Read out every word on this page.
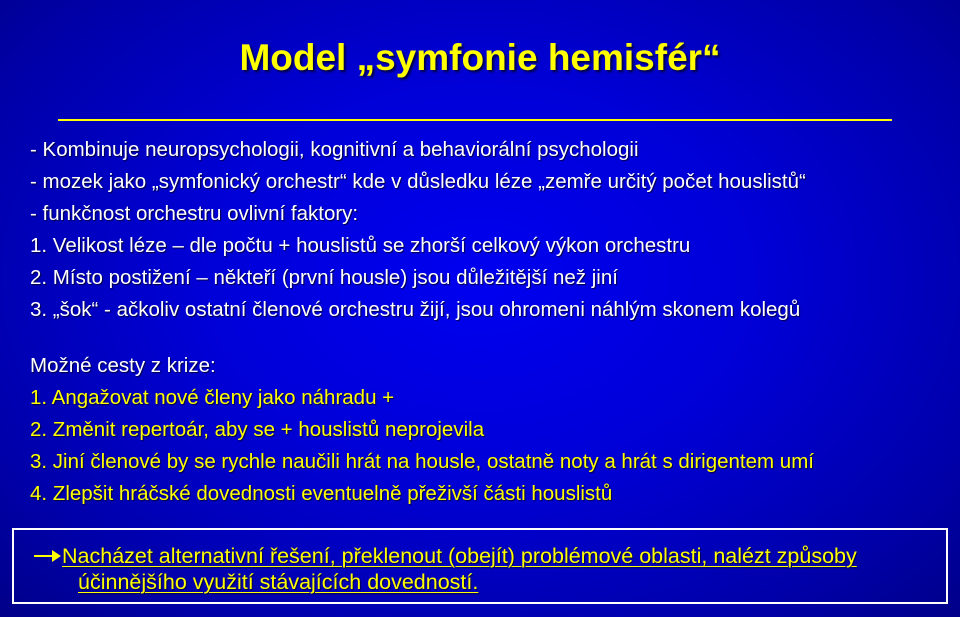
Model „symfonie hemisfér“
- Kombinuje neuropsychologii, kognitivní a behaviorální psychologii
- mozek jako „symfonický orchestr“ kde v důsledku léze „zemře určitý počet houslistů“
- funkčnost orchestru ovlivní faktory:
1. Velikost léze – dle počtu + houslistů se zhorší celkový výkon orchestru
2. Místo postižení – někteří (první housle) jsou důležitější než jiní
3. „šok“ - ačkoliv ostatní členové orchestru žijí, jsou ohromeni náhlým skonem kolegů
Možné cesty z krize:
1. Angažovat nové členy jako náhradu +
2. Změnit repertoár, aby se + houslistů neprojevila
3. Jiní členové by se rychle naučili hrát na housle, ostatně noty a hrát s dirigentem umí
4. Zlepšit hráčské dovednosti eventuelně přeživší části houslistů
Nacházet alternativní řešení, překlenout (obejít) problémové oblasti, nalézt způsoby
účinnějšího využití stávajících dovedností.
